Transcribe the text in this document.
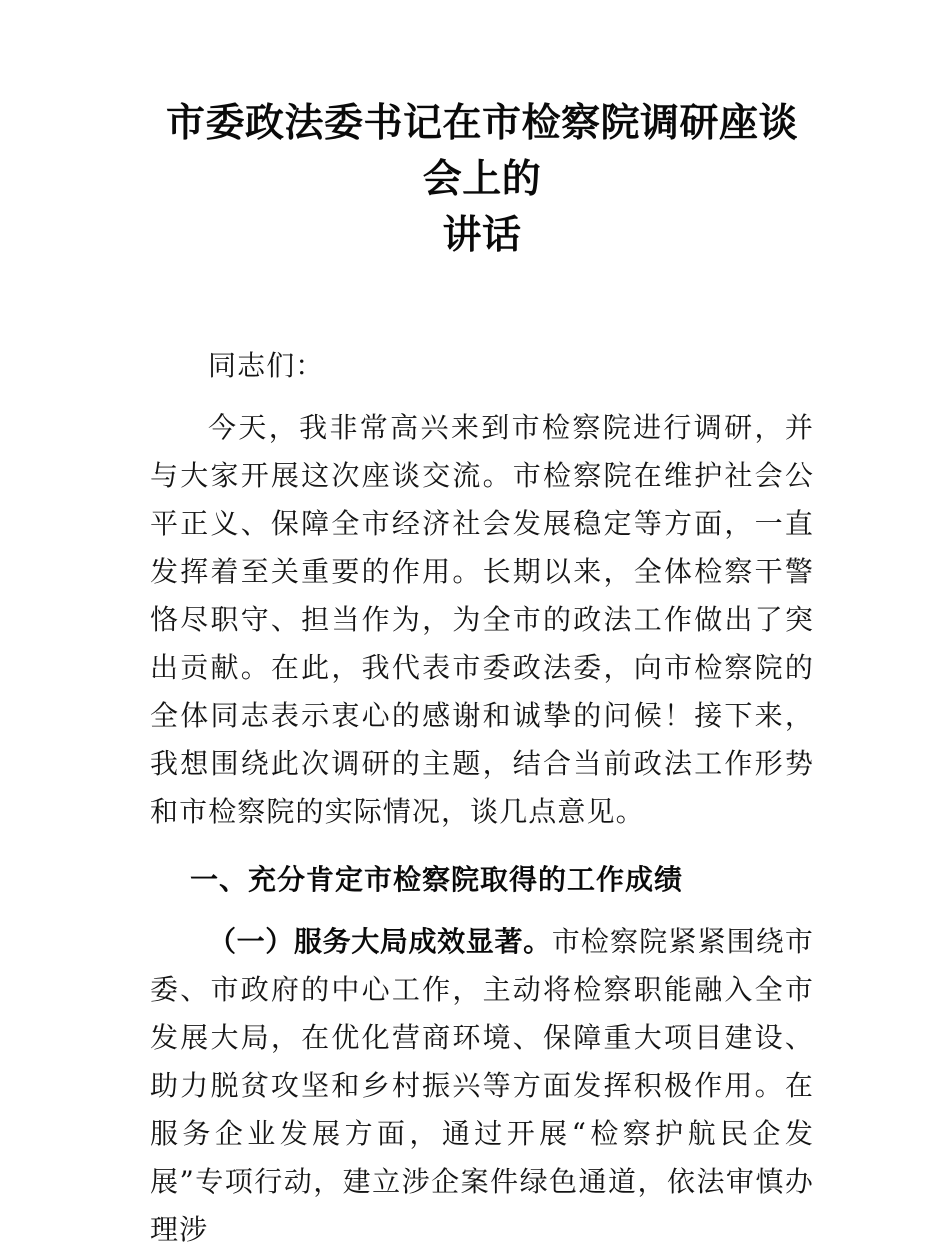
市委政法委书记在市检察院调研座谈会上的
讲话

同志们：

今天，我非常高兴来到市检察院进行调研，并与大家开展这次座谈交流。市检察院在维护社会公平正义、保障全市经济社会发展稳定等方面，一直发挥着至关重要的作用。长期以来，全体检察干警恪尽职守、担当作为，为全市的政法工作做出了突出贡献。在此，我代表市委政法委，向市检察院的全体同志表示衷心的感谢和诚挚的问候！接下来，我想围绕此次调研的主题，结合当前政法工作形势和市检察院的实际情况，谈几点意见。

一、充分肯定市检察院取得的工作成绩

（一）服务大局成效显著。市检察院紧紧围绕市委、市政府的中心工作，主动将检察职能融入全市发展大局，在优化营商环境、保障重大项目建设、助力脱贫攻坚和乡村振兴等方面发挥积极作用。在服务企业发展方面，通过开展“检察护航民企发展”专项行动，建立涉企案件绿色通道，依法审慎办理涉
